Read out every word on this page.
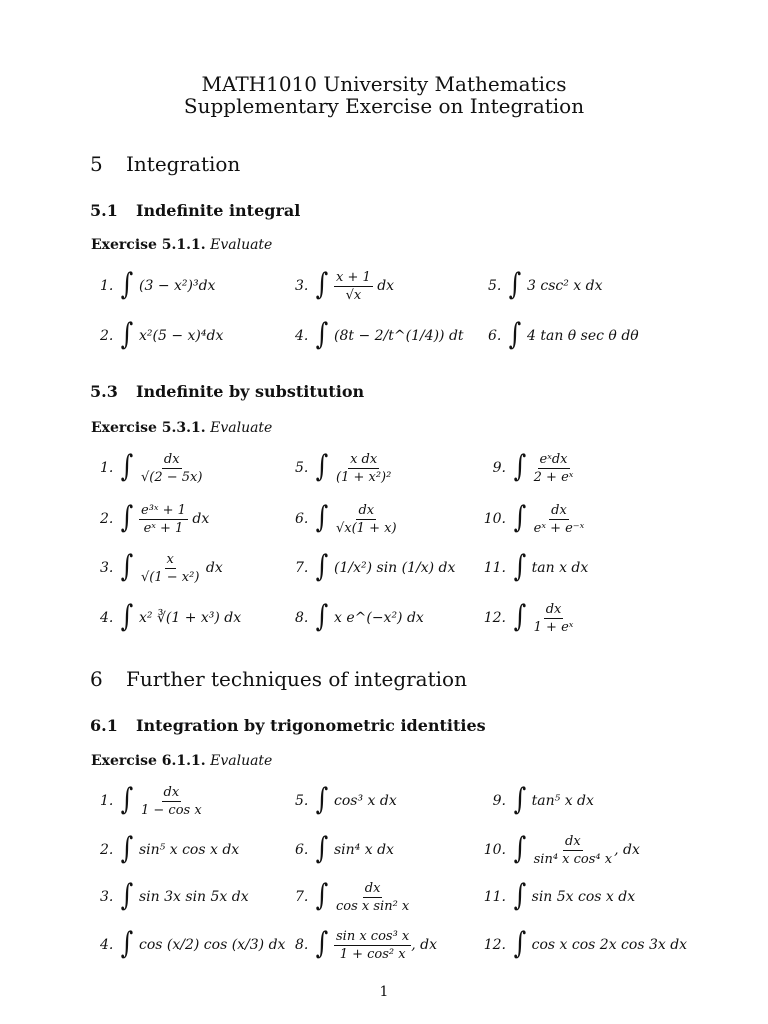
MATH1010 University Mathematics
Supplementary Exercise on Integration
5 Integration
5.1 Indefinite integral
Exercise 5.1.1. Evaluate
1. ∫ (3 − x²)³dx
2. ∫ x²(5 − x)⁴dx
3. ∫ $\frac{x + 1}{√x}$
dx
4. ∫ (8t − 2/t^(1/4)) dt
5. ∫ 3 csc² x dx
6. ∫ 4 tan θ sec θ dθ
5.3 Indefinite by substitution
Exercise 5.3.1. Evaluate
1. ∫ $\frac{dx}{√(2 - 5x)}$
2. ∫ $\frac{\text{e³ˣ + 1}}{\text{eˣ + 1}}$
dx
3. ∫ $\frac{x}{\text{√(1 − x²)}}$
dx
4. ∫ x² ∛(1 + x³) dx
5. ∫ $\frac{\text{x dx}}{\text{(1 + x²)²}}$
6. ∫ $\frac{dx}{√x(1 + x)}$
7. ∫ (1/x²) sin (1/x) dx
8. ∫ x e^(−x²) dx
9. ∫ $\frac{\text{eˣdx}}{\text{2 + eˣ}}$
10. ∫ $\frac{dx}{\text{eˣ + e⁻ˣ}}$
11. ∫ tan x dx
12. ∫ $\frac{dx}{\text{1 + eˣ}}$
6 Further techniques of integration
6.1 Integration by trigonometric identities
Exercise 6.1.1. Evaluate
1. ∫ $\frac{dx}{\text{1 − cos x}}$
2. ∫ sin⁵ x cos x dx
3. ∫ sin 3x sin 5x dx
4. ∫ cos (x/2) cos (x/3) dx
5. ∫ cos³ x dx
6. ∫ sin⁴ x dx
7. ∫ $\frac{dx}{\text{cos x sin² x}}$
8. ∫ $\frac{\text{sin x cos³ x}}{\text{1 + cos² x}}$ , dx
9. ∫ tan⁵ x dx
10. ∫ $\frac{dx}{\text{sin⁴ x cos⁴ x}}$ , dx
11. ∫ sin 5x cos x dx
12. ∫ cos x cos 2x cos 3x dx
1
